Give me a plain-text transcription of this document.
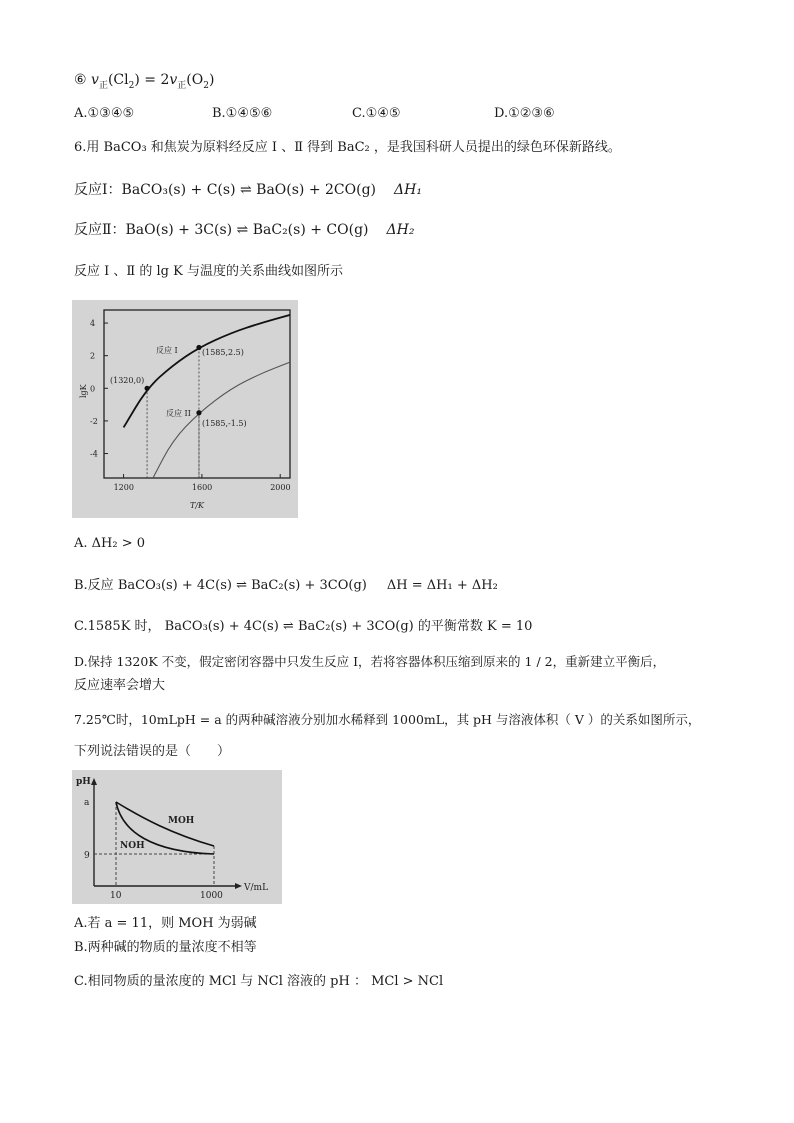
⑥ $v_正(Cl_2) = 2v_正(O_2)$
A.①③④⑤	B.①④⑤⑥	C.①④⑤	D.①②③⑥
6.用 BaCO₃ 和焦炭为原料经反应 Ⅰ 、Ⅱ 得到 BaC₂ ，是我国科研人员提出的绿色环保新路线。
反应Ⅰ：BaCO₃(s) + C(s) ⇌ BaO(s) + 2CO(g) ΔH₁
反应Ⅱ：BaO(s) + 3C(s) ⇌ BaC₂(s) + CO(g) ΔH₂
反应 Ⅰ 、Ⅱ 的 lg K 与温度的关系曲线如图所示
4
2
0
-2
-4
1200	1600	2000
lgK
T/K
反应 I
反应 II
(1320,0)
(1585,2.5)
(1585,-1.5)
A. ΔH₂ > 0
B.反应 BaCO₃(s) + 4C(s) ⇌ BaC₂(s) + 3CO(g) ΔH = ΔH₁ + ΔH₂
C.1585K 时， BaCO₃(s) + 4C(s) ⇌ BaC₂(s) + 3CO(g) 的平衡常数 K = 10
D.保持 1320K 不变，假定密闭容器中只发生反应 Ⅰ，若将容器体积压缩到原来的 1 / 2，重新建立平衡后，
反应速率会增大
7.25℃时，10mLpH = a 的两种碱溶液分别加水稀释到 1000mL，其 pH 与溶液体积（ V ）的关系如图所示，
下列说法错误的是（　　）
pH
a
9
10	1000
V/mL
MOH
NOH
A.若 a = 11，则 MOH 为弱碱
B.两种碱的物质的量浓度不相等
C.相同物质的量浓度的 MCl 与 NCl 溶液的 pH ： MCl > NCl
